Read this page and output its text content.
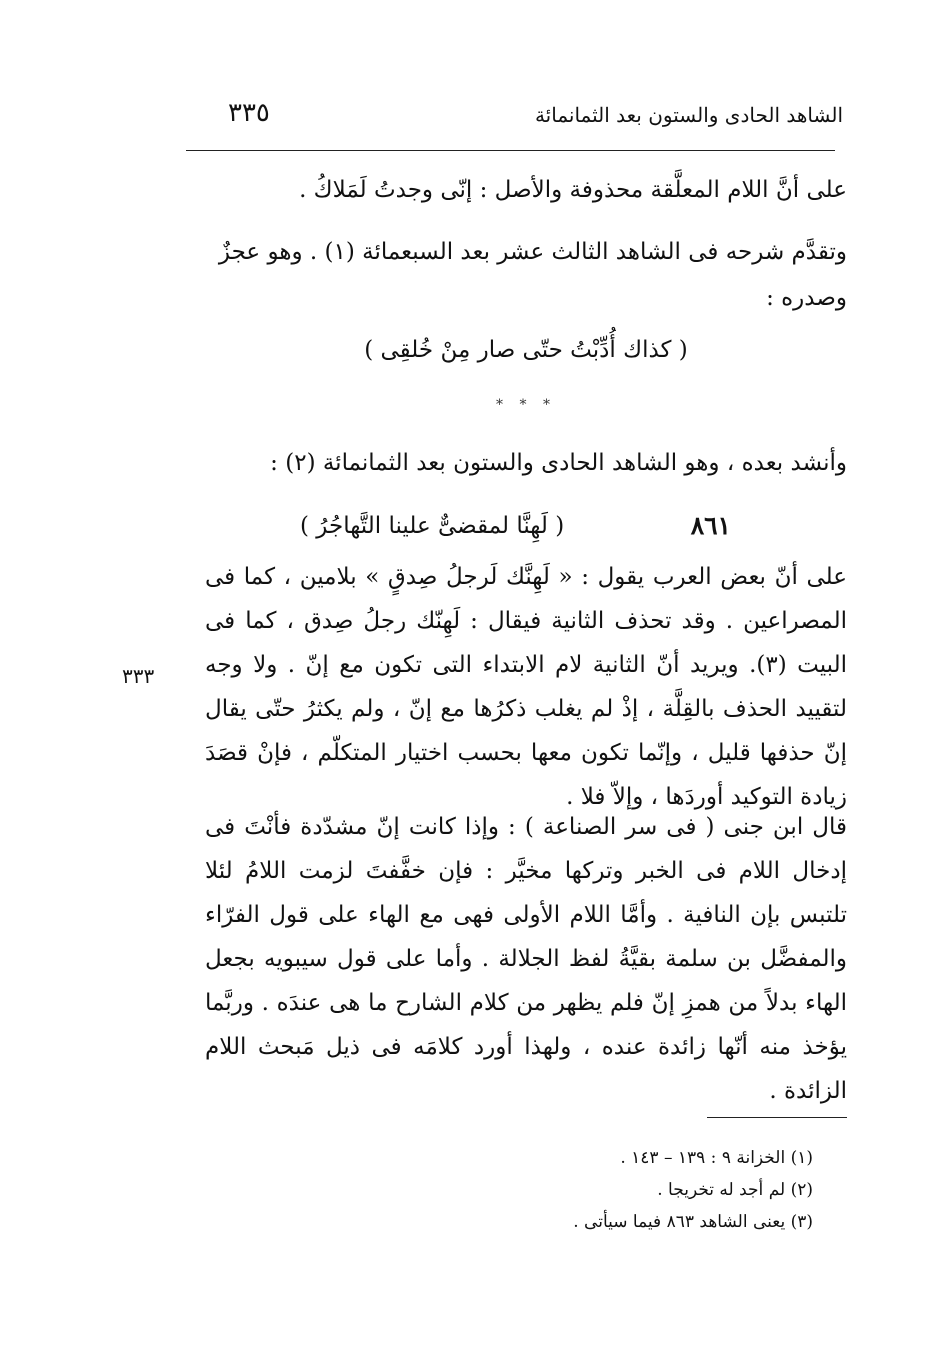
الشاهد الحادى والستون بعد الثمانمائة
٣٣٥
على أنَّ اللام المعلَّقة محذوفة والأصل : إنّى وجدتُ لَمَلاكُ .
وتقدَّم شرحه فى الشاهد الثالث عشر بعد السبعمائة (١) . وهو عجزٌ
وصدره :
( كذاك أُدِّبْتُ حتّى صار مِنْ خُلقِى )
* * *
وأنشد بعده ، وهو الشاهد الحادى والستون بعد الثمانمائة (٢) :
٨٦١
( لَهِنَّا لمقضىٌّ علينا التَّهاجُرُ )
على أنّ بعض العرب يقول : « لَهِنَّك لَرجلُ صِدقٍ » بلامين ، كما فى المصراعين . وقد تحذف الثانية فيقال : لَهِنّك رجلُ صِدق ، كما فى البيت (٣). ويريد أنّ الثانية لام الابتداء التى تكون مع إنّ . ولا وجه لتقييد الحذف بالقِلَّة ، إذْ لم يغلب ذكرُها مع إنّ ، ولم يكثرُ حتّى يقال إنّ حذفها قليل ، وإنّما تكون معها بحسب اختيار المتكلّم ، فإنْ قصَدَ زيادة التوكيد أوردَها ، وإلاّ فلا .
٣٣٣
قال ابن جنى ( فى سر الصناعة ) : وإذا كانت إنّ مشدّدة فأنْتَ فى إدخال اللام فى الخبر وتركها مخيَّر : فإن خفَّفتَ لزمت اللامُ لئلا تلتبس بإن النافية . وأمَّا اللام الأولى فهى مع الهاء على قول الفرّاء والمفضَّل بن سلمة بقيَّةُ لفظ الجلالة . وأما على قول سيبويه بجعل الهاء بدلاً من همزِ إنّ فلم يظهر من كلام الشارح ما هى عندَه . وربَّما يؤخذ منه أنّها زائدة عنده ، ولهذا أورد كلامَه فى ذيل مَبحث اللام الزائدة .
(١) الخزانة ٩ : ١٣٩ – ١٤٣ .
(٢) لم أجد له تخريجا .
(٣) يعنى الشاهد ٨٦٣ فيما سيأتى .
